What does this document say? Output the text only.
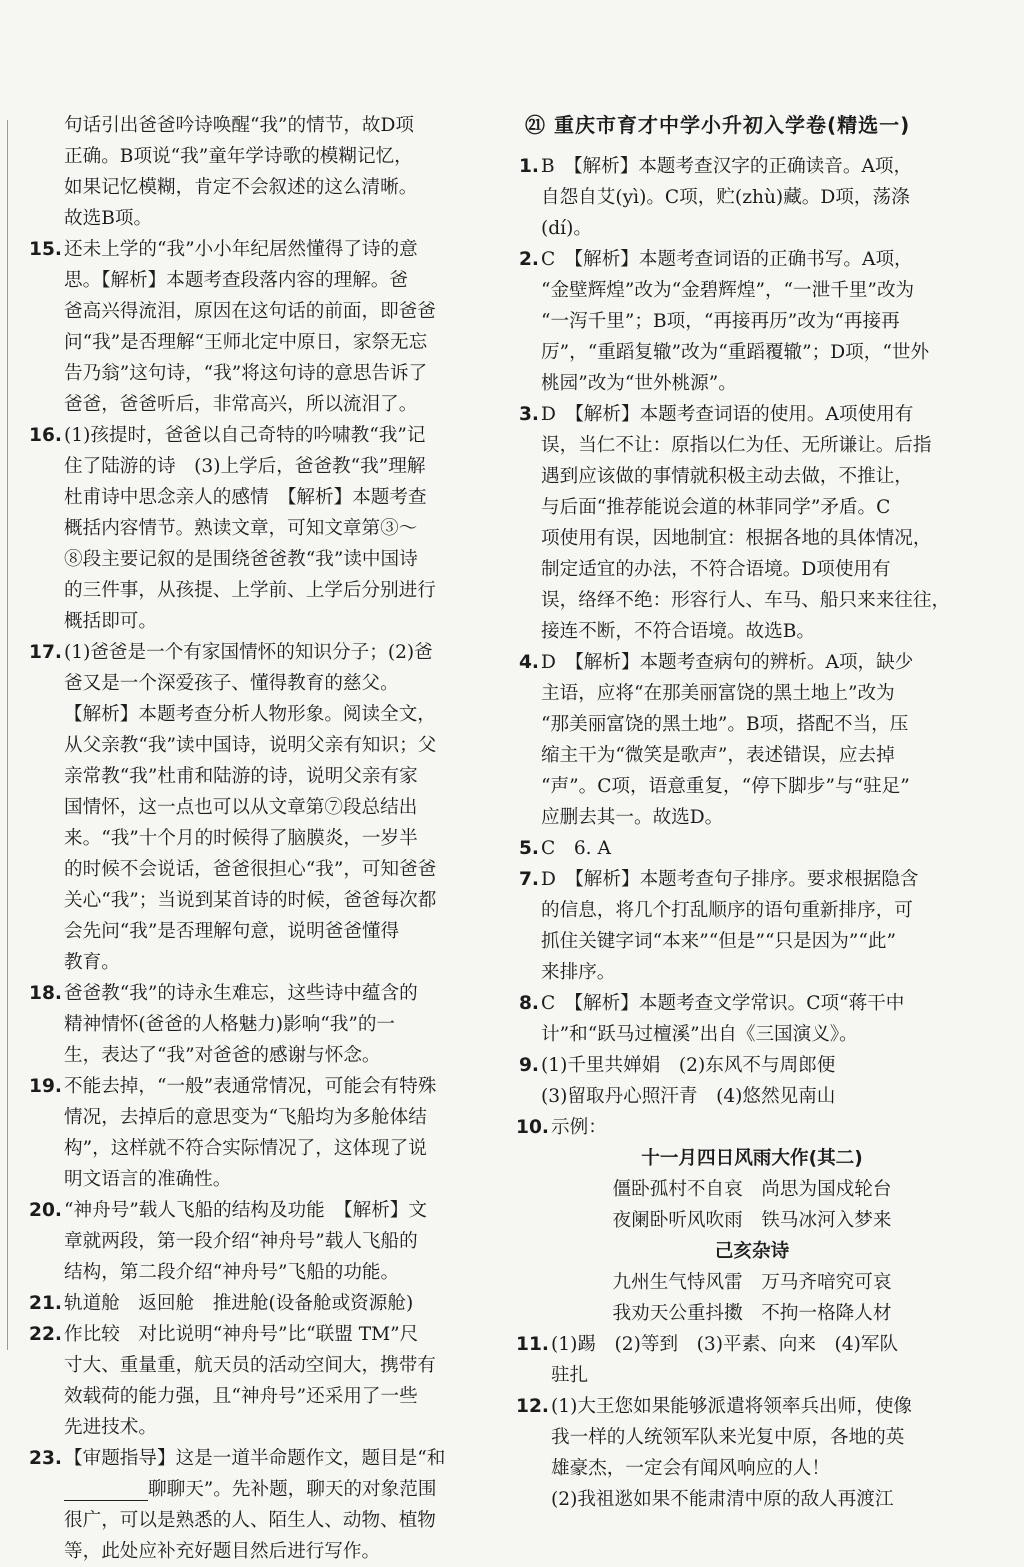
句话引出爸爸吟诗唤醒“我”的情节，故D项
正确。B项说“我”童年学诗歌的模糊记忆，
如果记忆模糊，肯定不会叙述的这么清晰。
故选B项。
15. 还未上学的“我”小小年纪居然懂得了诗的意
思。【解析】本题考查段落内容的理解。爸
爸高兴得流泪，原因在这句话的前面，即爸爸
问“我”是否理解“王师北定中原日，家祭无忘
告乃翁”这句诗，“我”将这句诗的意思告诉了
爸爸，爸爸听后，非常高兴，所以流泪了。
16. (1)孩提时，爸爸以自己奇特的吟啸教“我”记
住了陆游的诗　(3)上学后，爸爸教“我”理解
杜甫诗中思念亲人的感情　【解析】本题考查
概括内容情节。熟读文章，可知文章第③～
⑧段主要记叙的是围绕爸爸教“我”读中国诗
的三件事，从孩提、上学前、上学后分别进行
概括即可。
17. (1)爸爸是一个有家国情怀的知识分子；(2)爸
爸又是一个深爱孩子、懂得教育的慈父。
【解析】本题考查分析人物形象。阅读全文，
从父亲教“我”读中国诗，说明父亲有知识；父
亲常教“我”杜甫和陆游的诗，说明父亲有家
国情怀，这一点也可以从文章第⑦段总结出
来。“我”十个月的时候得了脑膜炎，一岁半
的时候不会说话，爸爸很担心“我”，可知爸爸
关心“我”；当说到某首诗的时候，爸爸每次都
会先问“我”是否理解句意，说明爸爸懂得
教育。
18. 爸爸教“我”的诗永生难忘，这些诗中蕴含的
精神情怀(爸爸的人格魅力)影响“我”的一
生，表达了“我”对爸爸的感谢与怀念。
19. 不能去掉，“一般”表通常情况，可能会有特殊
情况，去掉后的意思变为“飞船均为多舱体结
构”，这样就不符合实际情况了，这体现了说
明文语言的准确性。
20. “神舟号”载人飞船的结构及功能　【解析】文
章就两段，第一段介绍“神舟号”载人飞船的
结构，第二段介绍“神舟号”飞船的功能。
21. 轨道舱　返回舱　推进舱(设备舱或资源舱)
22. 作比较　对比说明“神舟号”比“联盟 TM”尺
寸大、重量重，航天员的活动空间大，携带有
效载荷的能力强，且“神舟号”还采用了一些
先进技术。
23. 【审题指导】这是一道半命题作文，题目是“和
聊聊天”。先补题，聊天的对象范围
很广，可以是熟悉的人、陌生人、动物、植物
等，此处应补充好题目然后进行写作。
㉑ 重庆市育才中学小升初入学卷(精选一)
1. B　【解析】本题考查汉字的正确读音。A项，
自怨自艾(yì)。C项，贮(zhù)藏。D项，荡涤
(dí)。
2. C　【解析】本题考查词语的正确书写。A项，
“金壁辉煌”改为“金碧辉煌”，“一泄千里”改为
“一泻千里”；B项，“再接再历”改为“再接再
厉”，“重蹈复辙”改为“重蹈覆辙”；D项，“世外
桃园”改为“世外桃源”。
3. D　【解析】本题考查词语的使用。A项使用有
误，当仁不让：原指以仁为任、无所谦让。后指
遇到应该做的事情就积极主动去做，不推让，
与后面“推荐能说会道的林菲同学”矛盾。C
项使用有误，因地制宜：根据各地的具体情况，
制定适宜的办法，不符合语境。D项使用有
误，络绎不绝：形容行人、车马、船只来来往往，
接连不断，不符合语境。故选B。
4. D　【解析】本题考查病句的辨析。A项，缺少
主语，应将“在那美丽富饶的黑土地上”改为
“那美丽富饶的黑土地”。B项，搭配不当，压
缩主干为“微笑是歌声”，表述错误，应去掉
“声”。C项，语意重复，“停下脚步”与“驻足”
应删去其一。故选D。
5. C　6. A
7. D　【解析】本题考查句子排序。要求根据隐含
的信息，将几个打乱顺序的语句重新排序，可
抓住关键字词“本来”“但是”“只是因为”“此”
来排序。
8. C　【解析】本题考查文学常识。C项“蒋干中
计”和“跃马过檀溪”出自《三国演义》。
9. (1)千里共婵娟　(2)东风不与周郎便
(3)留取丹心照汗青　(4)悠然见南山
10. 示例：
十一月四日风雨大作(其二)
僵卧孤村不自哀　尚思为国戍轮台
夜阑卧听风吹雨　铁马冰河入梦来
己亥杂诗
九州生气恃风雷　万马齐喑究可哀
我劝天公重抖擞　不拘一格降人材
11. (1)踢　(2)等到　(3)平素、向来　(4)军队
驻扎
12. (1)大王您如果能够派遣将领率兵出师，使像
我一样的人统领军队来光复中原，各地的英
雄豪杰，一定会有闻风响应的人！
(2)我祖逖如果不能肃清中原的敌人再渡江
